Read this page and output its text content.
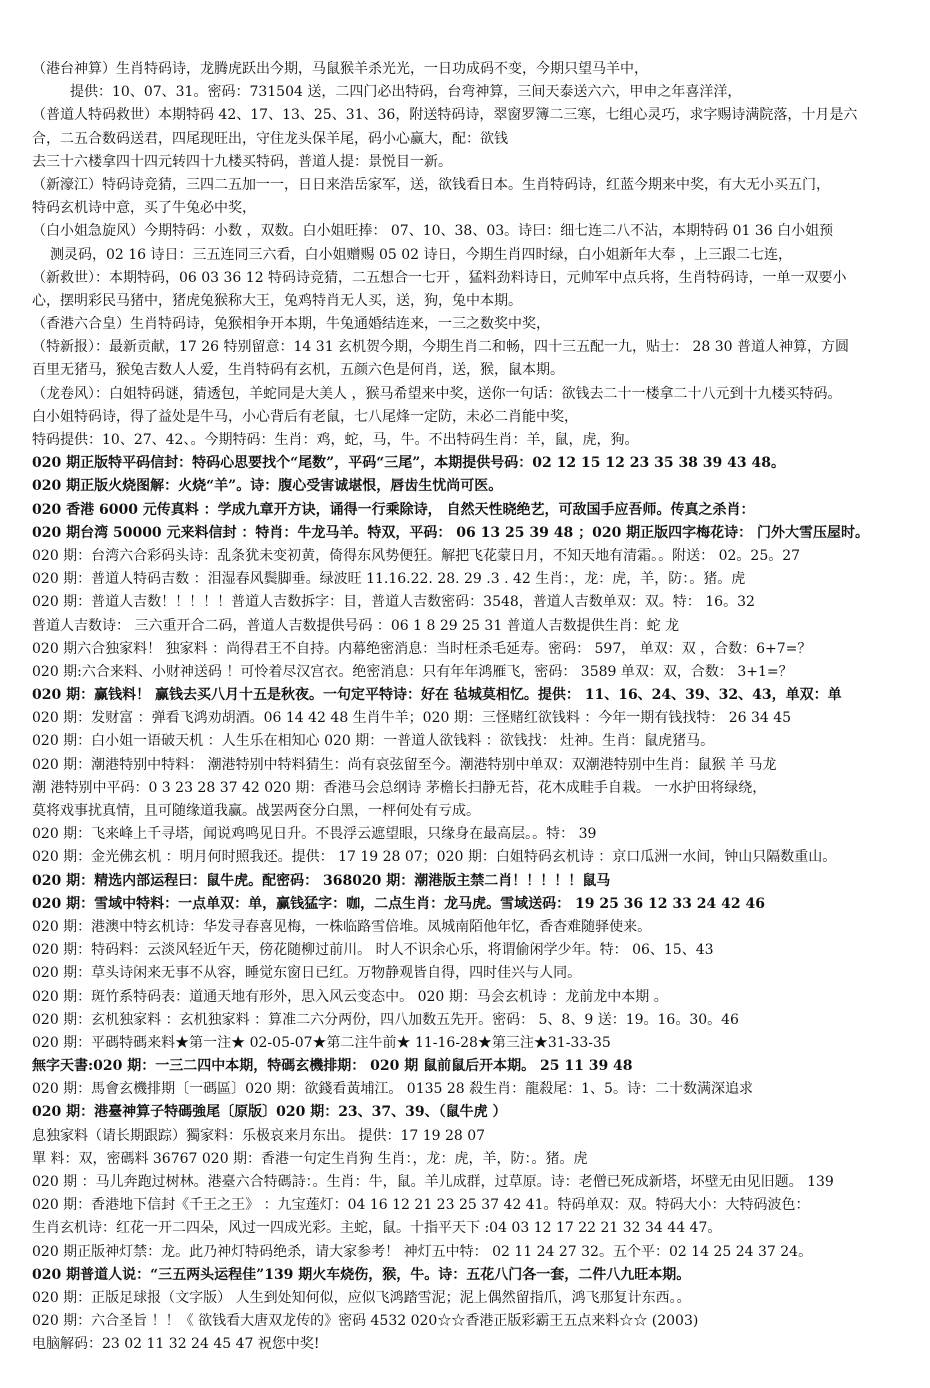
（港台神算）生肖特码诗，龙腾虎跃出今期，马鼠猴羊杀光光，一日功成码不变，今期只望马羊中，
提供：10、07、31。密码：731504 送，二四门必出特码，台弯神算，三间天泰送六六，甲申之年喜洋洋，
（普道人特码救世）本期特码 42、17、13、25、31、36，附送特码诗，翠窗罗簿二三寒，七组心灵巧，求字赐诗满院落，十月是六
合，二五合数码送君，四尾现旺出，守住龙头保羊尾，码小心赢大，配：欲钱
去三十六楼拿四十四元转四十九楼买特码，普道人提：景悦目一新。
（新濠江）特码诗竞猜，三四二五加一一，日日来浩岳家军，送，欲钱看日本。生肖特码诗，红蓝今期来中奖，有大无小买五门，
特码玄机诗中意，买了牛兔必中奖，
（白小姐急旋风）今期特码：小数 ，双数。白小姐旺捧： 07、10、38、03。诗曰：细七连二八不沾，本期特码 01 36 白小姐预
测灵码，02 16 诗日：三五连同三六看，白小姐赠赐 05 02 诗日，今期生肖四时绿，白小姐新年大奉 ，上三跟二七连，
（新救世）：本期特码，06 03 36 12 特码诗竞猜，二五想合一七开 ，猛料劲料诗日，元帅军中点兵将，生肖特码诗，一单一双要小
心，摆明彩民马猪中，猪虎兔猴称大王，兔鸡特肖无人买，送，狗，兔中本期。
（香港六合皇）生肖特码诗，兔猴相争开本期，牛兔通婚结连来，一三之数奖中奖，
（特新报）：最新贡献，17 26 特别留意：14 31 玄机贺今期，今期生肖二和畅，四十三五配一九，贴士： 28 30 普道人神算，方圆
百里无猪马，猴兔吉数人人爱，生肖特码有玄机，五颜六色是何肖，送，猴，鼠本期。
（龙卷风）：白姐特码谜，猜透包，羊蛇同是大美人 ，猴马希望来中奖，送你一句话：欲钱去二十一楼拿二十八元到十九楼买特码。
白小姐特码诗，得了益处是牛马，小心背后有老鼠，七八尾烽一定防，未必二肖能中奖，
特码提供：10、27、42、。今期特码：生肖：鸡，蛇，马，牛。不出特码生肖：羊，鼠，虎，狗。
020 期正版特平码信封：特码心思要找个“尾数”，平码“三尾”，本期提供号码：02 12 15 12 23 35 38 39 43 48。
020 期正版火烧图解：火烧“羊”。诗：腹心受害诚堪恨，唇齿生忧尚可医。
020 香港 6000 元传真料 ：学成九章开方诀，诵得一行乘除诗， 自然天性晓绝艺，可敌国手应吾师。传真之杀肖：
020 期台湾 50000 元来料信封 ：特肖：牛龙马羊。特双，平码： 06 13 25 39 48 ；020 期正版四字梅花诗： 门外大雪压屋时。
020 期：台湾六合彩码头诗：乱条犹未变初黄，倚得东风势便狂。解把飞花蒙日月，不知天地有清霜。。附送： 02。25。27
020 期：普道人特码吉数 ：泪湿春风鬓脚垂。绿波旺 11.16.22. 28. 29 .3 . 42 生肖：，龙：虎，羊，防：。猪。虎
020 期：普道人吉数！！！！！普道人吉数拆字：目，普道人吉数密码：3548，普道人吉数单双：双。特： 16。32
普道人吉数诗： 三六重开合二码，普道人吉数提供号码 ：06 1 8 29 25 31 普道人吉数提供生肖：蛇 龙
020 期六合独家料！ 独家料 ：尚得君王不自持。内幕绝密消息：当时枉杀毛延寿。密码： 597， 单双：双 ，合数：6+7=？
020 期:六合来料、小财神送码 ！可怜着尽汉宫衣。绝密消息：只有年年鸿雁飞，密码： 3589 单双：双，合数： 3+1=？
020 期：赢钱料！ 赢钱去买八月十五是秋夜。一句定平特诗：好在 毡城莫相忆。提供： 11、16、24、39、32、43，单双：单
020 期：发财富 ：弹看飞鸿劝胡酒。06 14 42 48 生肖牛羊；020 期：三怪赌红欲钱料 ：今年一期有钱找特： 26 34 45
020 期：白小姐一语破天机 ：人生乐在相知心 020 期：一普道人欲钱料 ：欲钱找： 灶神。生肖：鼠虎猪马。
020 期：潮港特别中特料： 潮港特别中特料猜生：尚有哀弦留至今。潮港特别中单双：双潮港特别中生肖：鼠猴 羊 马龙
潮 港特别中平码：0 3 23 28 37 42 020 期：香港马会总纲诗 茅檐长扫静无苔，花木成畦手自栽。 一水护田将绿绕，
莫将戏事扰真情，且可随缘道我赢。战罢两奁分白黑，一枰何处有亏成。
020 期：飞来峰上千寻塔，闻说鸡鸣见日升。不畏浮云遮望眼，只缘身在最高层。。特： 39
020 期：金光佛玄机 ：明月何时照我还。提供： 17 19 28 07；020 期：白姐特码玄机诗 ：京口瓜洲一水间，钟山只隔数重山。
020 期：精选内部运程曰：鼠牛虎。配密码： 368020 期：潮港版主禁二肖！！！！！鼠马
020 期：雪域中特料：一点单双：单，赢钱猛字：咖，二点生肖：龙马虎。雪域送码： 19 25 36 12 33 24 42 46
020 期：港澳中特玄机诗：华发寻春喜见梅，一株临路雪倍堆。凤城南陌他年忆，香杳难随驿使来。
020 期：特码料：云淡风轻近午天，傍花随柳过前川。 时人不识余心乐，将谓偷闲学少年。特： 06、15、43
020 期：草头诗闲来无事不从容，睡觉东窗日已红。万物静观皆自得，四时佳兴与人同。
020 期：斑竹系特码表：道通天地有形外，思入风云变态中。 020 期：马会玄机诗 ：龙前龙中本期 。
020 期：玄机独家料 ：玄机独家料 ：算准二六分两份，四八加数五先开。密码： 5、8、9 送：19。16。30。46
020 期：平碼特碼来料★第一注★ 02-05-07★第二注牛前★ 11-16-28★第三注★31-33-35
無字天書:020 期：一三二四中本期，特碼玄機排期： 020 期 鼠前鼠后开本期。 25 11 39 48
020 期：馬會玄機排期〔一碼區〕020 期：欲錢看黃埔江。 0135 28 殺生肖：龍殺尾：1、5。诗：二十数满深追求
020 期：港臺神算子特碼強尾〔原版〕020 期：23、37、39、（鼠牛虎 ）
息独家料（请长期跟踪）獨家料：乐极哀来月东出。 提供：17 19 28 07
單 料：双，密碼料 36767 020 期：香港一句定生肖狗 生肖：，龙：虎，羊，防：。猪。虎
020 期 ：马儿奔跑过树林。港臺六合特碼詩：。生肖：牛，鼠。羊儿成群，过草原。诗：老僧已死成新塔，坏壁无由见旧题。 139
020 期：香港地下信封《千王之王》 ：九宝莲灯：04 16 12 21 23 25 37 42 41。特码单双：双。特码大小：大特码波色：
生肖玄机诗：红花一开二四朵，风过一四成光彩。主蛇，鼠。十指平天下 :04 03 12 17 22 21 32 34 44 47。
020 期正版神灯禁：龙。此乃神灯特码绝杀，请大家参考！ 神灯五中特： 02 11 24 27 32。五个平：02 14 25 24 37 24。
020 期普道人说：“三五两头运程佳”139 期火车烧伤，猴，牛。诗：五花八门各一套，二件八九旺本期。
020 期：正版足球报（文字版） 人生到处知何似，应似飞鸿踏雪泥；泥上偶然留指爪，鸿飞那复计东西。。
020 期：六合圣旨 ！！《 欲钱看大唐双龙传的》密码 4532 020☆☆香港正版彩霸王五点来料☆☆ (2003)
电脑解码：23 02 11 32 24 45 47 祝您中奖!
